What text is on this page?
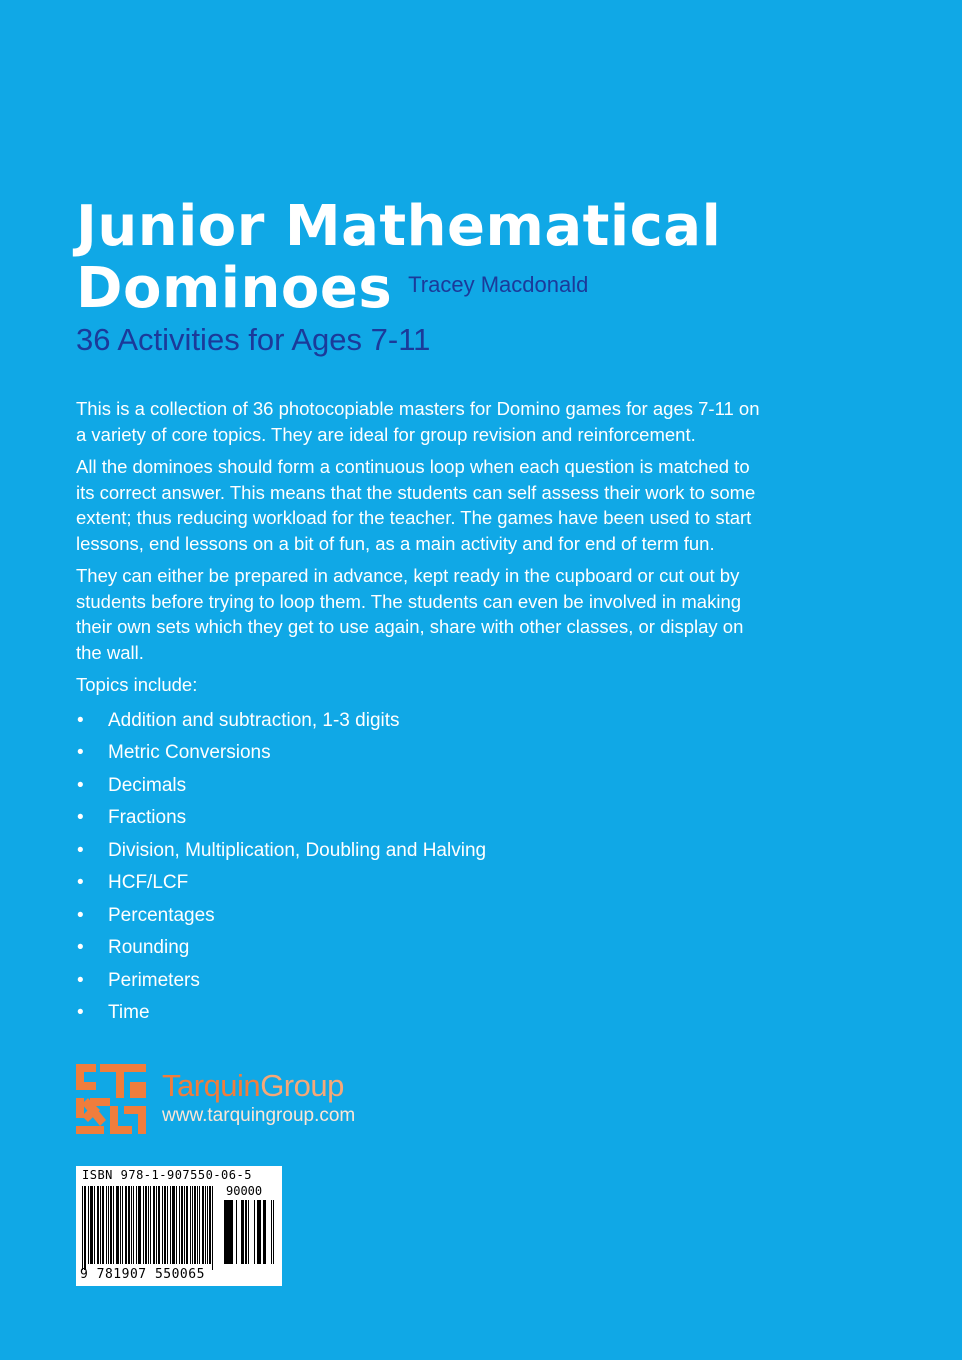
Junior Mathematical
Dominoes Tracey Macdonald
36 Activities for Ages 7-11

This is a collection of 36 photocopiable masters for Domino games for ages 7-11 on a variety of core topics. They are ideal for group revision and reinforcement.

All the dominoes should form a continuous loop when each question is matched to its correct answer. This means that the students can self assess their work to some extent; thus reducing workload for the teacher. The games have been used to start lessons, end lessons on a bit of fun, as a main activity and for end of term fun.

They can either be prepared in advance, kept ready in the cupboard or cut out by students before trying to loop them. The students can even be involved in making their own sets which they get to use again, share with other classes, or display on the wall.

Topics include:

• Addition and subtraction, 1-3 digits
• Metric Conversions
• Decimals
• Fractions
• Division, Multiplication, Doubling and Halving
• HCF/LCF
• Percentages
• Rounding
• Perimeters
• Time
TarquinGroup
www.tarquingroup.com
ISBN 978-1-907550-06-5
90000
9 781907 550065
